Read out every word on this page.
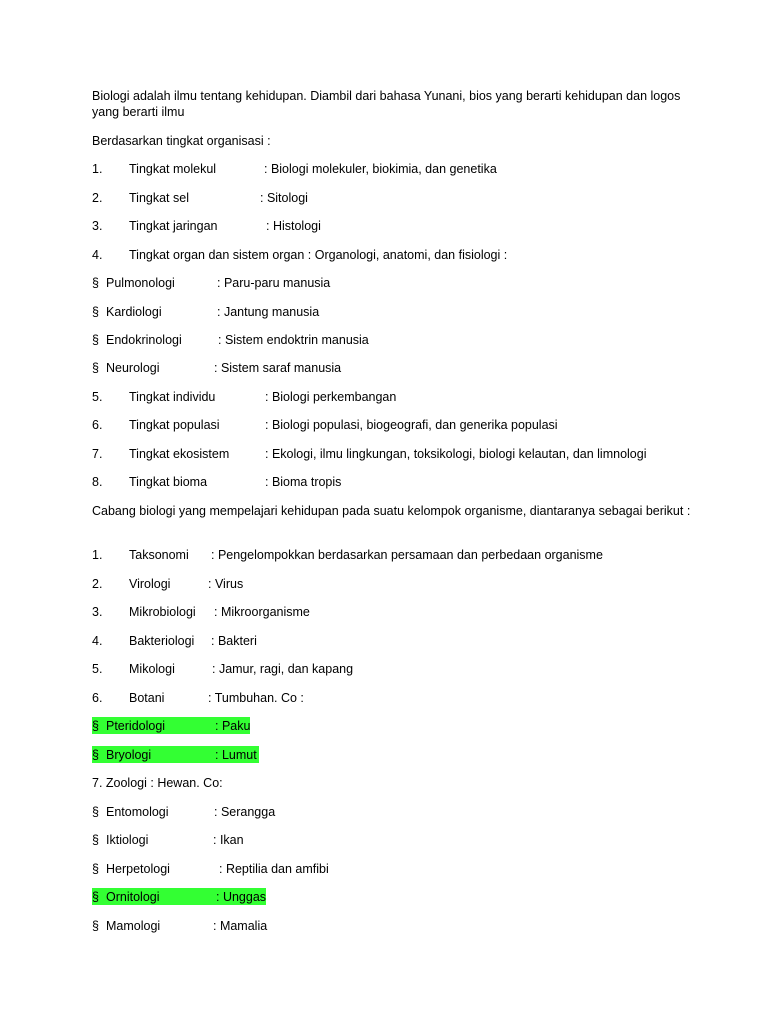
Biologi adalah ilmu tentang kehidupan. Diambil dari bahasa Yunani, bios yang berarti kehidupan dan logos yang berarti ilmu
Berdasarkan tingkat organisasi :
1. Tingkat molekul	: Biologi molekuler, biokimia, dan genetika
2. Tingkat sel	: Sitologi
3. Tingkat jaringan	: Histologi
4. Tingkat organ dan sistem organ : Organologi, anatomi, dan fisiologi :
§ Pulmonologi	: Paru-paru manusia
§ Kardiologi	: Jantung manusia
§ Endokrinologi	: Sistem endoktrin manusia
§ Neurologi	: Sistem saraf manusia
5. Tingkat individu	: Biologi perkembangan
6. Tingkat populasi	: Biologi populasi, biogeografi, dan generika populasi
7. Tingkat ekosistem	: Ekologi, ilmu lingkungan, toksikologi, biologi kelautan, dan limnologi
8. Tingkat bioma	: Bioma tropis
Cabang biologi yang mempelajari kehidupan pada suatu kelompok organisme, diantaranya sebagai berikut :
1. Taksonomi : Pengelompokkan berdasarkan persamaan dan perbedaan organisme
2. Virologi	: Virus
3. Mikrobiologi : Mikroorganisme
4. Bakteriologi : Bakteri
5. Mikologi	: Jamur, ragi, dan kapang
6. Botani	: Tumbuhan. Co :
§ Pteridologi	: Paku
§ Bryologi	: Lumut
7. Zoologi : Hewan. Co:
§ Entomologi	: Serangga
§ Iktiologi	: Ikan
§ Herpetologi	: Reptilia dan amfibi
§ Ornitologi	: Unggas
§ Mamologi	: Mamalia
